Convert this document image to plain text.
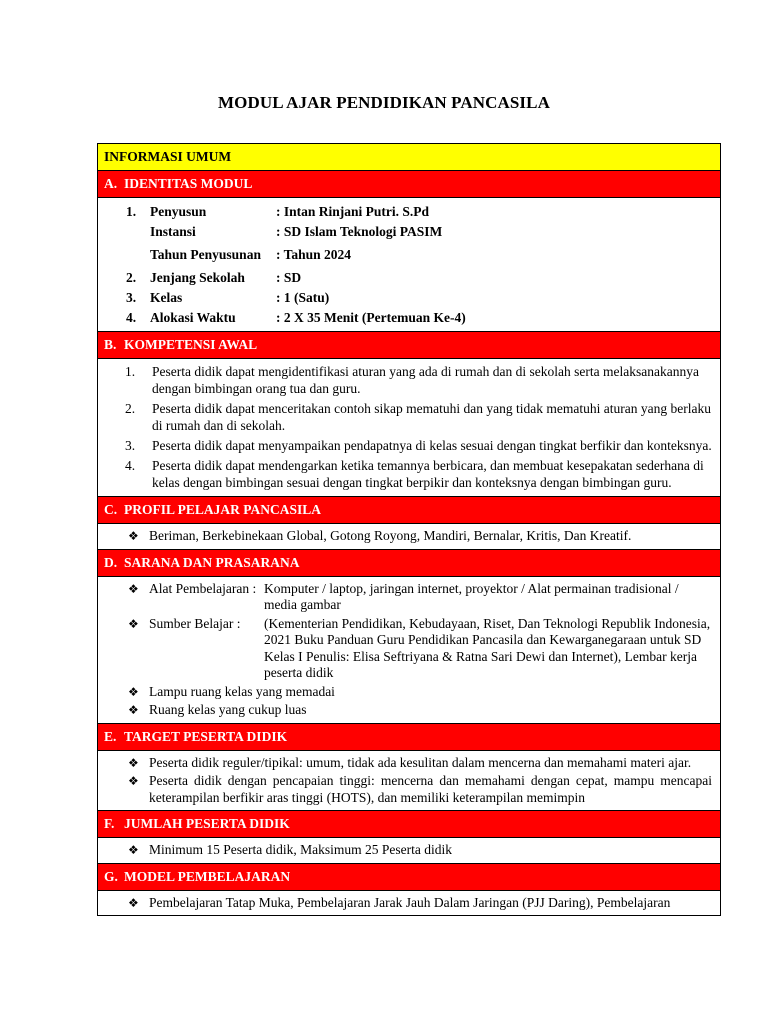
MODUL AJAR PENDIDIKAN PANCASILA
INFORMASI UMUM
A. IDENTITAS MODUL
1.	Penyusun	: Intan Rinjani Putri. S.Pd
Instansi	: SD Islam Teknologi PASIM
Tahun Penyusunan	: Tahun 2024
2.	Jenjang Sekolah	: SD
3.	Kelas	: 1 (Satu)
4.	Alokasi Waktu	: 2 X 35 Menit (Pertemuan Ke-4)
B. KOMPETENSI AWAL
1.	Peserta didik dapat mengidentifikasi aturan yang ada di rumah dan di sekolah serta melaksanakannya dengan bimbingan orang tua dan guru.
2.	Peserta didik dapat menceritakan contoh sikap mematuhi dan yang tidak mematuhi aturan yang berlaku di rumah dan di sekolah.
3.	Peserta didik dapat menyampaikan pendapatnya di kelas sesuai dengan tingkat berfikir dan konteksnya.
4.	Peserta didik dapat mendengarkan ketika temannya berbicara, dan membuat kesepakatan sederhana di kelas dengan bimbingan sesuai dengan tingkat berpikir dan konteksnya dengan bimbingan guru.
C. PROFIL PELAJAR PANCASILA
❖ Beriman, Berkebinekaan Global, Gotong Royong, Mandiri, Bernalar, Kritis, Dan Kreatif.
D. SARANA DAN PRASARANA
❖ Alat Pembelajaran : Komputer / laptop, jaringan internet, proyektor / Alat permainan tradisional / media gambar
❖ Sumber Belajar :	(Kementerian Pendidikan, Kebudayaan, Riset, Dan Teknologi Republik Indonesia, 2021 Buku Panduan Guru Pendidikan Pancasila dan Kewarganegaraan untuk SD Kelas I Penulis: Elisa Seftriyana & Ratna Sari Dewi dan Internet), Lembar kerja peserta didik
❖ Lampu ruang kelas yang memadai
❖ Ruang kelas yang cukup luas
E. TARGET PESERTA DIDIK
❖ Peserta didik reguler/tipikal: umum, tidak ada kesulitan dalam mencerna dan memahami materi ajar.
❖ Peserta didik dengan pencapaian tinggi: mencerna dan memahami dengan cepat, mampu mencapai keterampilan berfikir aras tinggi (HOTS), dan memiliki keterampilan memimpin
F. JUMLAH PESERTA DIDIK
❖ Minimum 15 Peserta didik, Maksimum 25 Peserta didik
G. MODEL PEMBELAJARAN
❖ Pembelajaran Tatap Muka, Pembelajaran Jarak Jauh Dalam Jaringan (PJJ Daring), Pembelajaran
